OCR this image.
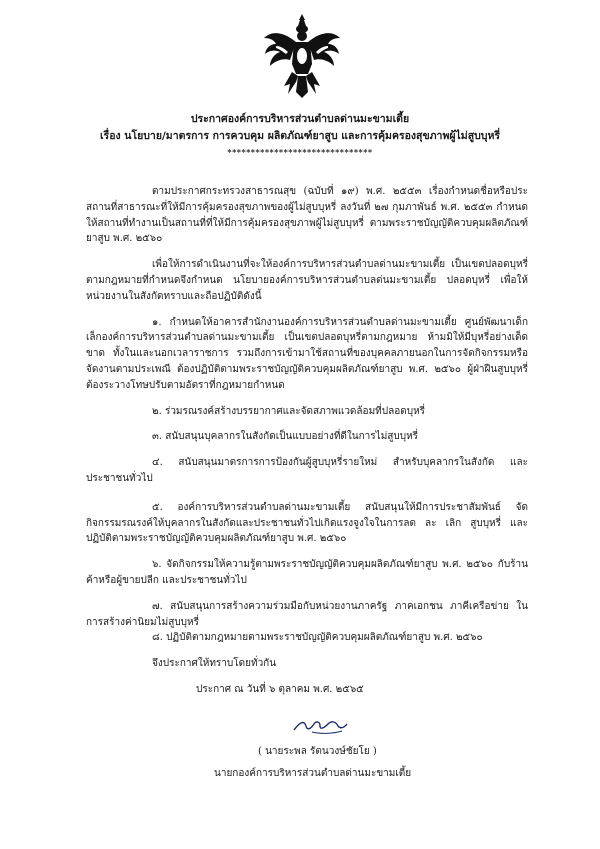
ประกาศองค์การบริหารส่วนตำบลด่านมะขามเตี้ย
เรื่อง นโยบาย/มาตรการ การควบคุม ผลิตภัณฑ์ยาสูบ และการคุ้มครองสุขภาพผู้ไม่สูบบุหรี่
*******************************

ตามประกาศกระทรวงสาธารณสุข (ฉบับที่ ๑๙) พ.ศ. ๒๕๕๓ เรื่องกำหนดชื่อหรือประสถานที่สาธารณะที่ให้มีการคุ้มครองสุขภาพของผู้ไม่สูบบุหรี่ ลงวันที่ ๒๗ กุมภาพันธ์ พ.ศ. ๒๕๕๓ กำหนดให้สถานที่ทำงานเป็นสถานที่ที่ให้มีการคุ้มครองสุขภาพผู้ไม่สูบบุหรี่ ตามพระราชบัญญัติควบคุมผลิตภัณฑ์ยาสูบ พ.ศ. ๒๕๖๐

เพื่อให้การดำเนินงานที่จะให้องค์การบริหารส่วนตำบลด่านมะขามเตี้ย เป็นเขตปลอดบุหรี่ตามกฎหมายที่กำหนดจึงกำหนด นโยบายองค์การบริหารส่วนตำบลด่นมะขามเตี้ย ปลอดบุหรี่ เพื่อให้หน่วยงานในสังกัดทราบและถือปฏิบัติดังนี้

๑. กำหนดให้อาคารสำนักงานองค์การบริหารส่วนตำบลด่านมะขามเตี้ย ศูนย์พัฒนาเด็กเล็กองค์การบริหารส่วนตำบลด่านมะขามเตี้ย เป็นเขตปลอดบุหรี่ตามกฎหมาย ห้ามมิให้มีบุหรี่อย่างเด็ดขาด ทั้งในและนอกเวลาราชการ รวมถึงการเข้ามาใช้สถานที่ของบุคคลภายนอกในการจัดกิจกรรมหรือจัดงานตามประเพณี ต้องปฏิบัติตามพระราชบัญญัติควบคุมผลิตภัณฑ์ยาสูบ พ.ศ. ๒๕๖๐ ผู้ฝ่าฝืนสูบบุหรี่ต้องระวางโทษปรับตามอัตราที่กฎหมายกำหนด

๒. ร่วมรณรงค์สร้างบรรยากาศและจัดสภาพแวดล้อมที่ปลอดบุหรี่

๓. สนับสนุนบุคลากรในสังกัดเป็นแบบอย่างที่ดีในการไม่สูบบุหรี่

๔. สนับสนุนมาตรการการป้องกันผู้สูบบุหรี่รายใหม่ สำหรับบุคลากรในสังกัด และประชาชนทั่วไป

๕. องค์การบริหารส่วนตำบลด่านมะขามเตี้ย สนับสนุนให้มีการประชาสัมพันธ์ จัดกิจกรรมรณรงค์ให้บุคลากรในสังกัดและประชาชนทั่วไปเกิดแรงจูงใจในการลด ละ เลิก สูบบุหรี่ และปฏิบัติตามพระราชบัญญัติควบคุมผลิตภัณฑ์ยาสูบ พ.ศ. ๒๕๖๐

๖. จัดกิจกรรมให้ความรู้ตามพระราชบัญญัติควบคุมผลิตภัณฑ์ยาสูบ พ.ศ. ๒๕๖๐ กับร้านค้าหรือผู้ขายปลีก และประชาชนทั่วไป

๗. สนับสนุนการสร้างความร่วมมือกับหน่วยงานภาครัฐ ภาคเอกชน ภาคีเครือข่าย ในการสร้างค่านิยมไม่สูบบุหรี่

๘. ปฏิบัติตามกฎหมายตามพระราชบัญญัติควบคุมผลิตภัณฑ์ยาสูบ พ.ศ. ๒๕๖๐

จึงประกาศให้ทราบโดยทั่วกัน

ประกาศ ณ วันที่ ๖ ตุลาคม พ.ศ. ๒๕๖๕

( นายระพล รัตนวงษ์ชัยโย )
นายกองค์การบริหารส่วนตำบลด่านมะขามเตี้ย
